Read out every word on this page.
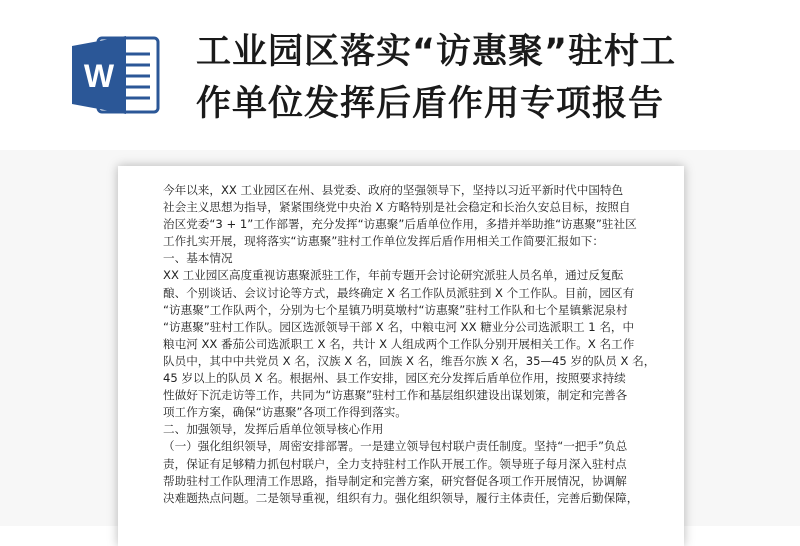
W
工业园区落实“访惠聚”驻村工
作单位发挥后盾作用专项报告

今年以来，XX 工业园区在州、县党委、政府的坚强领导下，坚持以习近平新时代中国特色

社会主义思想为指导，紧紧围绕党中央治 X 方略特别是社会稳定和长治久安总目标，按照自

治区党委“3 + 1”工作部署，充分发挥“访惠聚”后盾单位作用，多措并举助推“访惠聚”驻社区

工作扎实开展，现将落实“访惠聚”驻村工作单位发挥后盾作用相关工作简要汇报如下：

一、基本情况

XX 工业园区高度重视访惠聚派驻工作，年前专题开会讨论研究派驻人员名单，通过反复酝

酿、个别谈话、会议讨论等方式，最终确定 X 名工作队员派驻到 X 个工作队。目前，园区有

“访惠聚”工作队两个，分别为七个星镇乃明莫墩村“访惠聚”驻村工作队和七个星镇紫泥泉村

“访惠聚”驻村工作队。园区选派领导干部 X 名，中粮屯河 XX 糖业分公司选派职工 1 名，中

粮屯河 XX 番茄公司选派职工 X 名，共计 X 人组成两个工作队分别开展相关工作。X 名工作

队员中，其中中共党员 X 名，汉族 X 名，回族 X 名，维吾尔族 X 名，35—45 岁的队员 X 名，

45 岁以上的队员 X 名。根据州、县工作安排，园区充分发挥后盾单位作用，按照要求持续

性做好下沉走访等工作，共同为“访惠聚”驻村工作和基层组织建设出谋划策，制定和完善各

项工作方案，确保“访惠聚”各项工作得到落实。

二、加强领导，发挥后盾单位领导核心作用

（一）强化组织领导，周密安排部署。一是建立领导包村联户责任制度。坚持“一把手”负总

责，保证有足够精力抓包村联户，全力支持驻村工作队开展工作。领导班子每月深入驻村点

帮助驻村工作队理清工作思路，指导制定和完善方案，研究督促各项工作开展情况，协调解

决难题热点问题。二是领导重视，组织有力。强化组织领导，履行主体责任，完善后勤保障，
